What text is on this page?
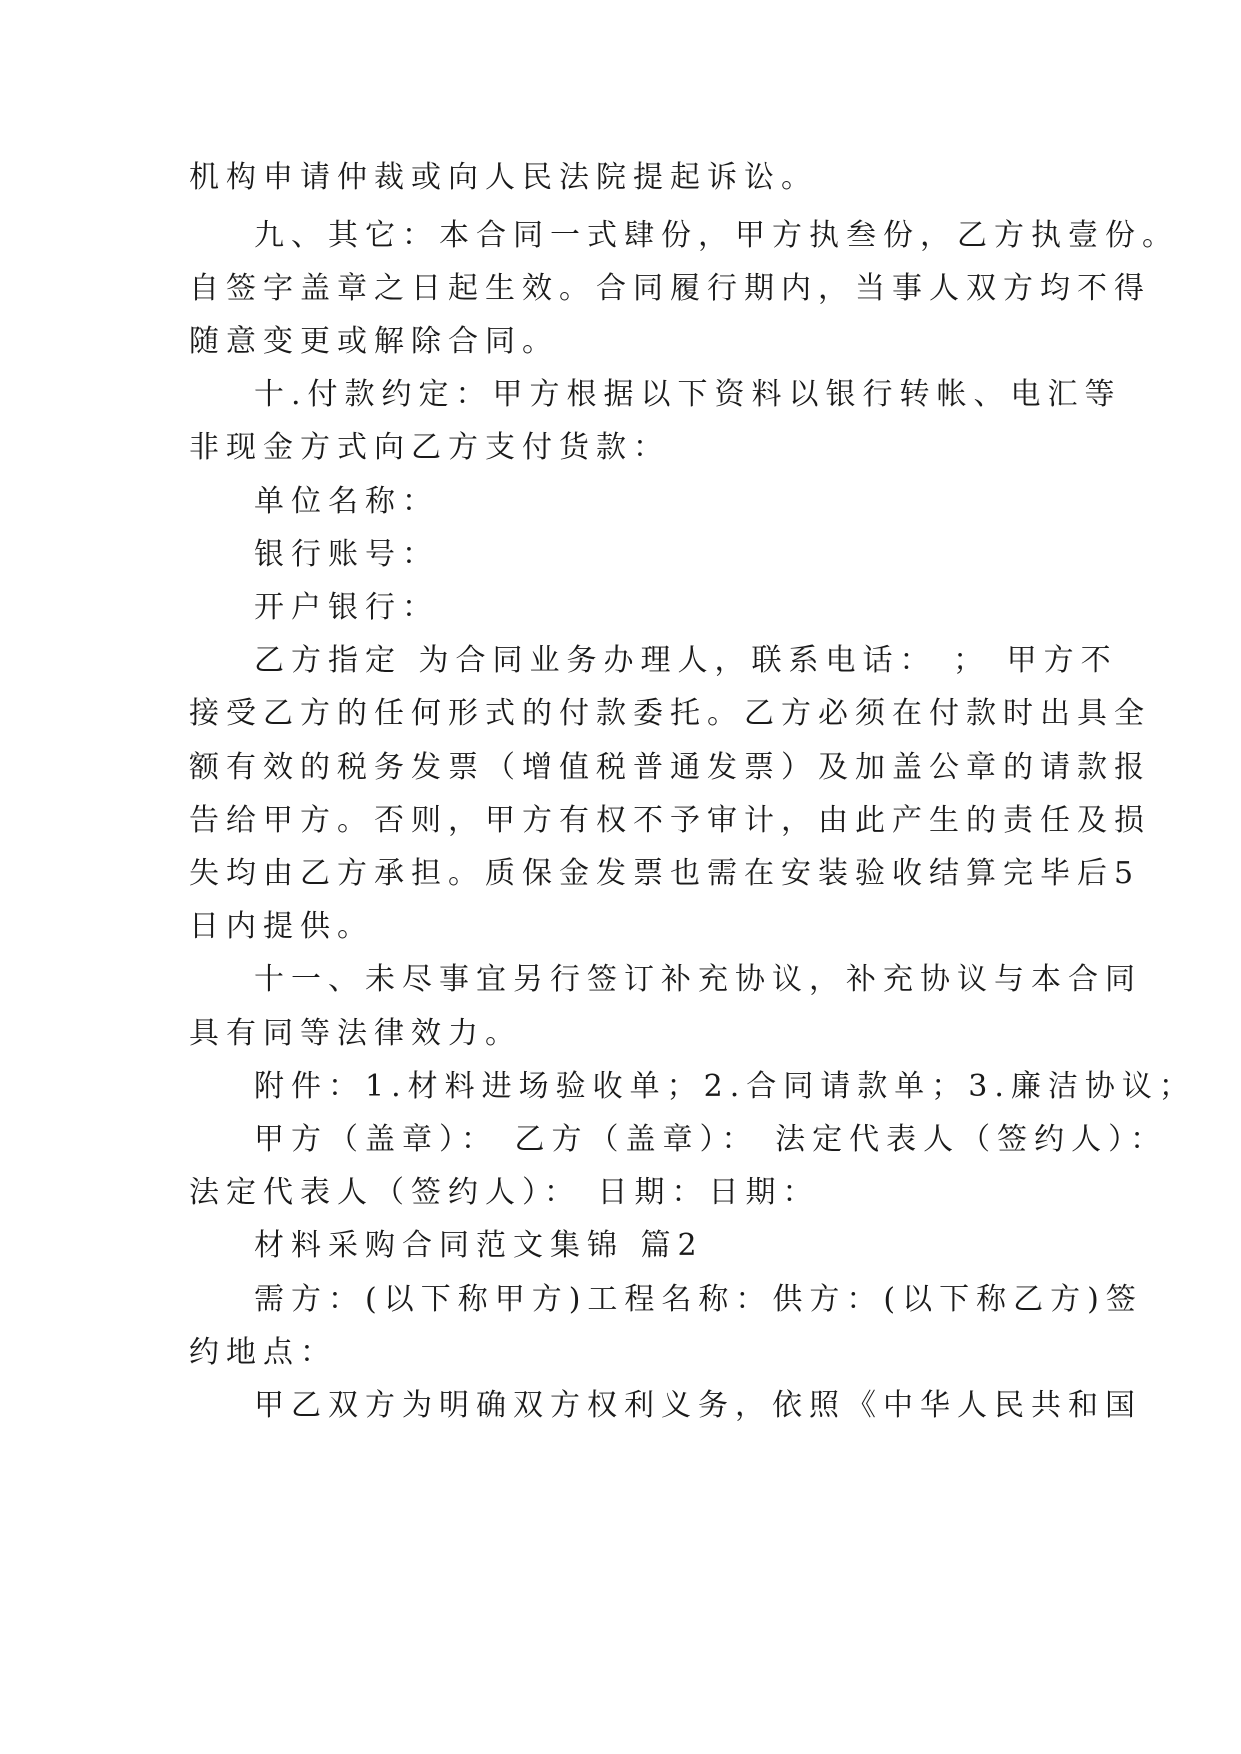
机构申请仲裁或向人民法院提起诉讼。
九、其它：本合同一式肆份，甲方执叁份，乙方执壹份。
自签字盖章之日起生效。合同履行期内，当事人双方均不得
随意变更或解除合同。
十.付款约定：甲方根据以下资料以银行转帐、电汇等
非现金方式向乙方支付货款：
单位名称：
银行账号：
开户银行：
乙方指定 为合同业务办理人，联系电话： ； 甲方不
接受乙方的任何形式的付款委托。乙方必须在付款时出具全
额有效的税务发票（增值税普通发票）及加盖公章的请款报
告给甲方。否则，甲方有权不予审计，由此产生的责任及损
失均由乙方承担。质保金发票也需在安装验收结算完毕后5
日内提供。
十一、未尽事宜另行签订补充协议，补充协议与本合同
具有同等法律效力。
附件：1.材料进场验收单；2.合同请款单；3.廉洁协议；
甲方（盖章）： 乙方（盖章）： 法定代表人（签约人）：
法定代表人（签约人）： 日期：日期：
材料采购合同范文集锦 篇2
需方：(以下称甲方)工程名称：供方：(以下称乙方)签
约地点：
甲乙双方为明确双方权利义务，依照《中华人民共和国
